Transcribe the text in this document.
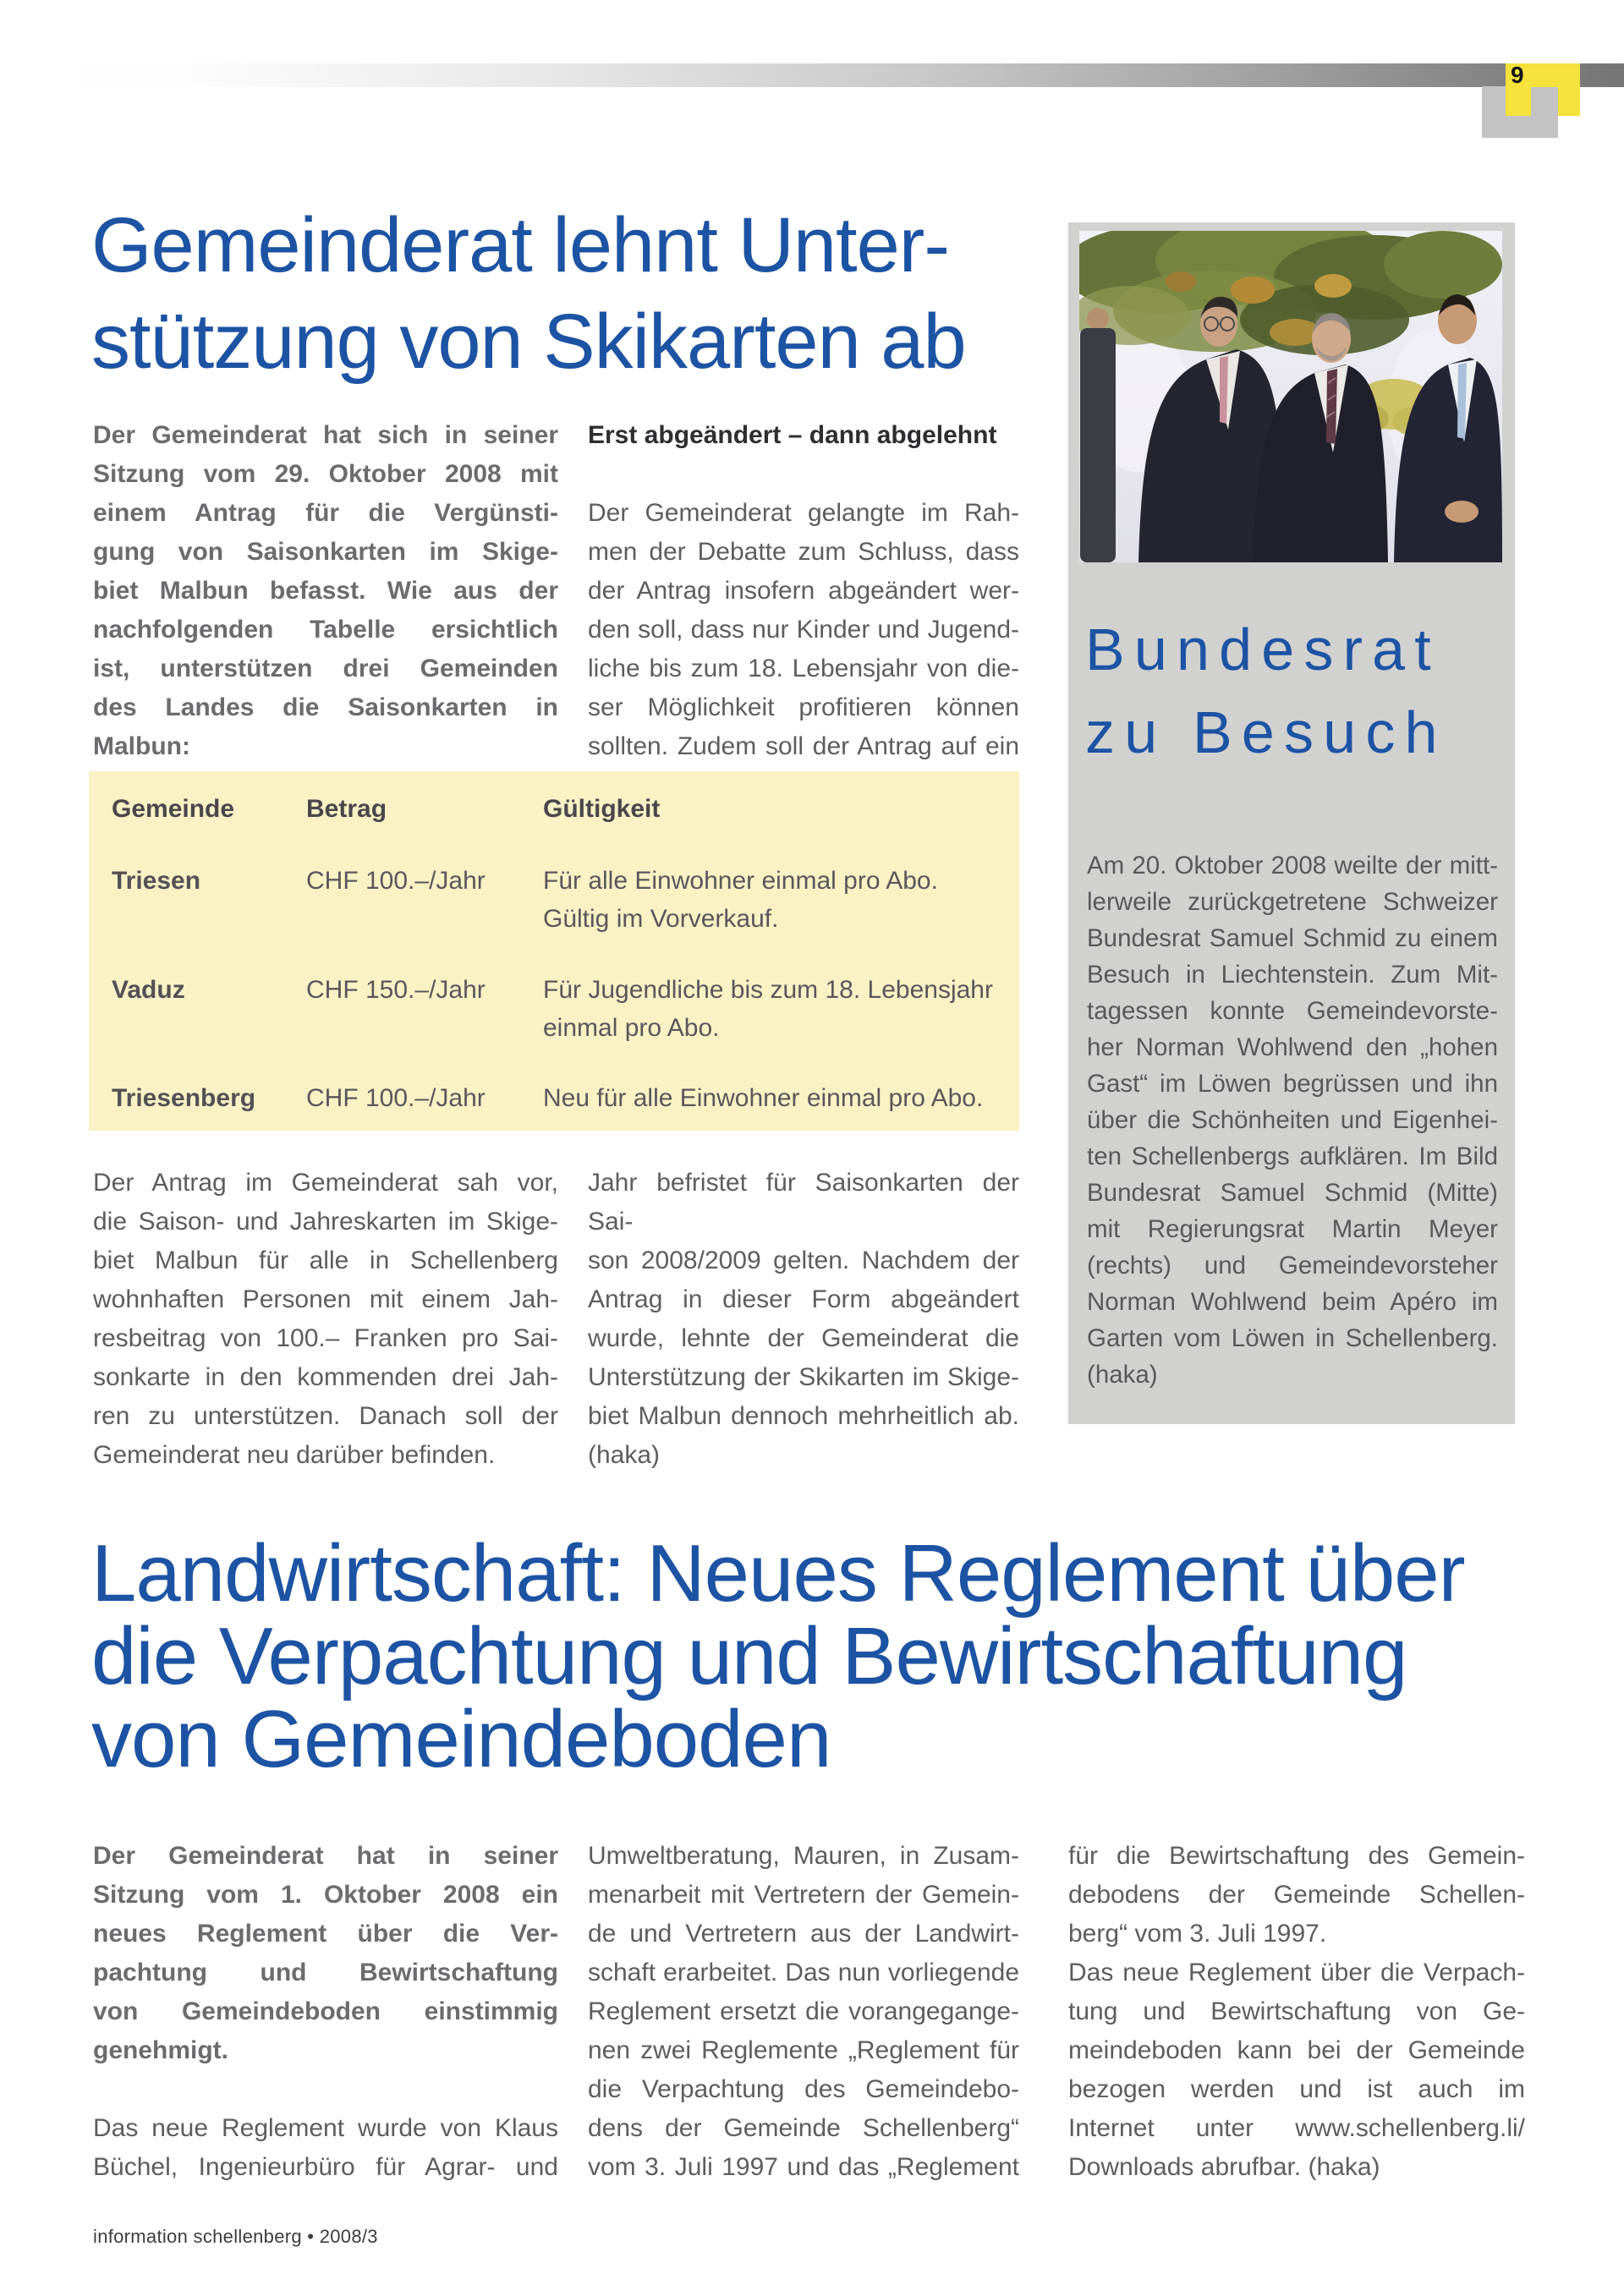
9
Gemeinderat lehnt Unter-
stützung von Skikarten ab
Der Gemeinderat hat sich in seiner
Sitzung vom 29. Oktober 2008 mit
einem Antrag für die Vergünsti-
gung von Saisonkarten im Skige-
biet Malbun befasst. Wie aus der
nachfolgenden Tabelle ersichtlich
ist, unterstützen drei Gemeinden
des Landes die Saisonkarten in
Malbun:
Erst abgeändert – dann abgelehnt
Der Gemeinderat gelangte im Rah-
men der Debatte zum Schluss, dass
der Antrag insofern abgeändert wer-
den soll, dass nur Kinder und Jugend-
liche bis zum 18. Lebensjahr von die-
ser Möglichkeit profitieren können
sollten. Zudem soll der Antrag auf ein
Gemeinde	Betrag	Gültigkeit
Triesen	CHF 100.–/Jahr	Für alle Einwohner einmal pro Abo.
Gültig im Vorverkauf.
Vaduz	CHF 150.–/Jahr	Für Jugendliche bis zum 18. Lebensjahr
einmal pro Abo.
Triesenberg	CHF 100.–/Jahr	Neu für alle Einwohner einmal pro Abo.
Der Antrag im Gemeinderat sah vor,
die Saison- und Jahreskarten im Skige-
biet Malbun für alle in Schellenberg
wohnhaften Personen mit einem Jah-
resbeitrag von 100.– Franken pro Sai-
sonkarte in den kommenden drei Jah-
ren zu unterstützen. Danach soll der
Gemeinderat neu darüber befinden.
Jahr befristet für Saisonkarten der Sai-
son 2008/2009 gelten. Nachdem der
Antrag in dieser Form abgeändert
wurde, lehnte der Gemeinderat die
Unterstützung der Skikarten im Skige-
biet Malbun dennoch mehrheitlich ab.
(haka)
Bundesrat
zu Besuch
Am 20. Oktober 2008 weilte der mitt-
lerweile zurückgetretene Schweizer
Bundesrat Samuel Schmid zu einem
Besuch in Liechtenstein. Zum Mit-
tagessen konnte Gemeindevorste-
her Norman Wohlwend den „hohen
Gast“ im Löwen begrüssen und ihn
über die Schönheiten und Eigenhei-
ten Schellenbergs aufklären. Im Bild
Bundesrat Samuel Schmid (Mitte)
mit Regierungsrat Martin Meyer
(rechts) und Gemeindevorsteher
Norman Wohlwend beim Apéro im
Garten vom Löwen in Schellenberg.
(haka)
Landwirtschaft: Neues Reglement über
die Verpachtung und Bewirtschaftung
von Gemeindeboden
Der Gemeinderat hat in seiner
Sitzung vom 1. Oktober 2008 ein
neues Reglement über die Ver-
pachtung und Bewirtschaftung
von Gemeindeboden einstimmig
genehmigt.
Das neue Reglement wurde von Klaus
Büchel, Ingenieurbüro für Agrar- und
Umweltberatung, Mauren, in Zusam-
menarbeit mit Vertretern der Gemein-
de und Vertretern aus der Landwirt-
schaft erarbeitet. Das nun vorliegende
Reglement ersetzt die vorangegange-
nen zwei Reglemente „Reglement für
die Verpachtung des Gemeindebo-
dens der Gemeinde Schellenberg“
vom 3. Juli 1997 und das „Reglement
für die Bewirtschaftung des Gemein-
debodens der Gemeinde Schellen-
berg“ vom 3. Juli 1997.
Das neue Reglement über die Verpach-
tung und Bewirtschaftung von Ge-
meindeboden kann bei der Gemeinde
bezogen werden und ist auch im
Internet unter www.schellenberg.li/
Downloads abrufbar. (haka)
information schellenberg • 2008/3
